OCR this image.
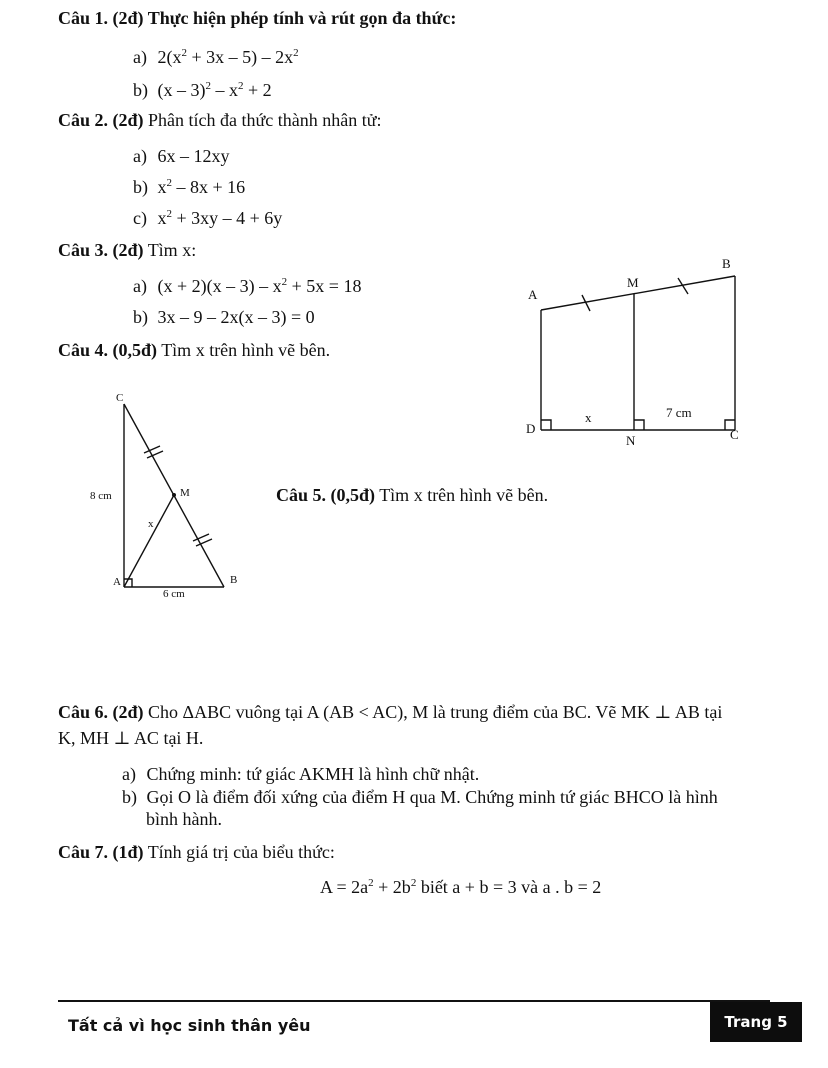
Câu 1. (2đ) Thực hiện phép tính và rút gọn đa thức:
a) $2(x^2 + 3x - 5) - 2x^2$
b) $(x - 3)^2 - x^2 + 2$
Câu 2. (2đ) Phân tích đa thức thành nhân tử:
a) 6x – 12xy
b) $x^2 - 8x + 16$
c) $x^2 + 3xy - 4 + 6y$
Câu 3. (2đ) Tìm x:
a) $(x + 2)(x - 3) - x^2 + 5x = 18$
b) 3x – 9 – 2x(x – 3) = 0
Câu 4. (0,5đ) Tìm x trên hình vẽ bên.
B
M
A
x	7 cm
D
N	C
C
M
8 cm
x
A	B
6 cm
Câu 5. (0,5đ) Tìm x trên hình vẽ bên.
Câu 6. (2đ) Cho ΔABC vuông tại A (AB < AC), M là trung điểm của BC. Vẽ MK ⊥ AB tại
K, MH ⊥ AC tại H.
a) Chứng minh: tứ giác AKMH là hình chữ nhật.
b) Gọi O là điểm đối xứng của điểm H qua M. Chứng minh tứ giác BHCO là hình
bình hành.
Câu 7. (1đ) Tính giá trị của biểu thức:
$A = 2a^2 + 2b^2$ biết a + b = 3 và a . b = 2
Tất cả vì học sinh thân yêu	Trang 5
